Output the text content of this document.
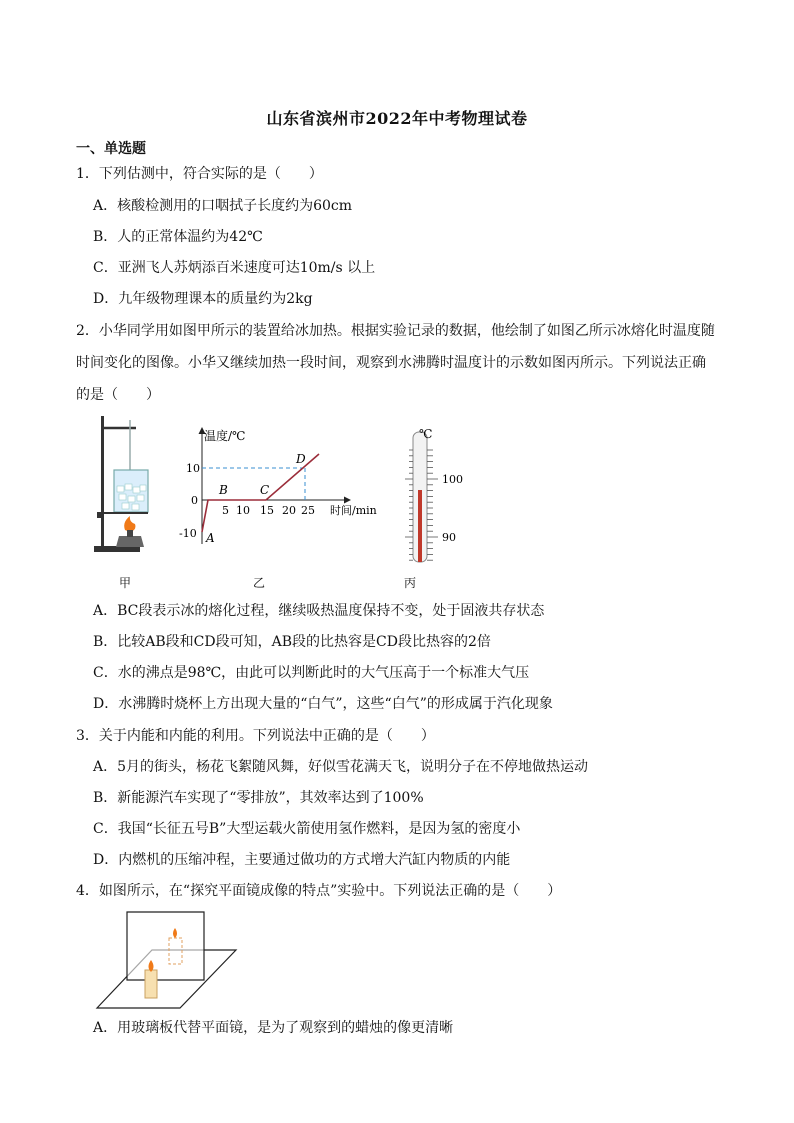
山东省滨州市2022年中考物理试卷
一、单选题
1．下列估测中，符合实际的是（　　）
A．核酸检测用的口咽拭子长度约为60cm
B．人的正常体温约为42℃
C．亚洲飞人苏炳添百米速度可达10m/s 以上
D．九年级物理课本的质量约为2kg
2．小华同学用如图甲所示的装置给冰加热。根据实验记录的数据，他绘制了如图乙所示冰熔化时温度随时间变化的图像。小华又继续加热一段时间，观察到水沸腾时温度计的示数如图丙所示。下列说法正确的是（　　）
甲
温度/℃
时间/min
10
0
-10
5 10 15 20 25
A
B	C
D
乙
℃
100
90
丙
A．BC段表示冰的熔化过程，继续吸热温度保持不变，处于固液共存状态
B．比较AB段和CD段可知，AB段的比热容是CD段比热容的2倍
C．水的沸点是98℃，由此可以判断此时的大气压高于一个标准大气压
D．水沸腾时烧杯上方出现大量的“白气”，这些“白气”的形成属于汽化现象
3．关于内能和内能的利用。下列说法中正确的是（　　）
A．5月的街头，杨花飞絮随风舞，好似雪花满天飞，说明分子在不停地做热运动
B．新能源汽车实现了“零排放”，其效率达到了100%
C．我国“长征五号B”大型运载火箭使用氢作燃料，是因为氢的密度小
D．内燃机的压缩冲程，主要通过做功的方式增大汽缸内物质的内能
4．如图所示，在“探究平面镜成像的特点”实验中。下列说法正确的是（　　）
A．用玻璃板代替平面镜，是为了观察到的蜡烛的像更清晰
